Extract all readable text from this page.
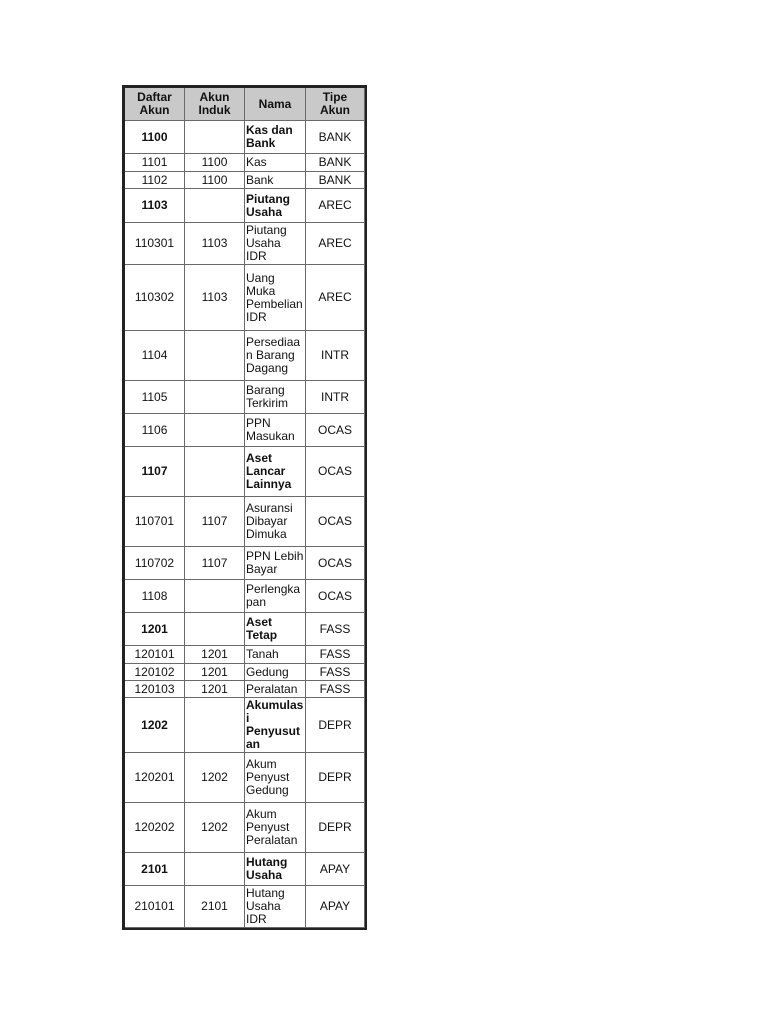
Daftar Akun	Akun Induk	Nama	Tipe Akun
1100		Kas dan Bank	BANK
1101	1100	Kas	BANK
1102	1100	Bank	BANK
1103		Piutang Usaha	AREC
110301	1103	Piutang Usaha IDR	AREC
110302	1103	Uang Muka Pembelian IDR	AREC
1104		Persediaan Barang Dagang	INTR
1105		Barang Terkirim	INTR
1106		PPN Masukan	OCAS
1107		Aset Lancar Lainnya	OCAS
110701	1107	Asuransi Dibayar Dimuka	OCAS
110702	1107	PPN Lebih Bayar	OCAS
1108		Perlengkapan	OCAS
1201		Aset Tetap	FASS
120101	1201	Tanah	FASS
120102	1201	Gedung	FASS
120103	1201	Peralatan	FASS
1202		Akumulasi Penyusutan	DEPR
120201	1202	Akum Penyust Gedung	DEPR
120202	1202	Akum Penyust Peralatan	DEPR
2101		Hutang Usaha	APAY
210101	2101	Hutang Usaha IDR	APAY
